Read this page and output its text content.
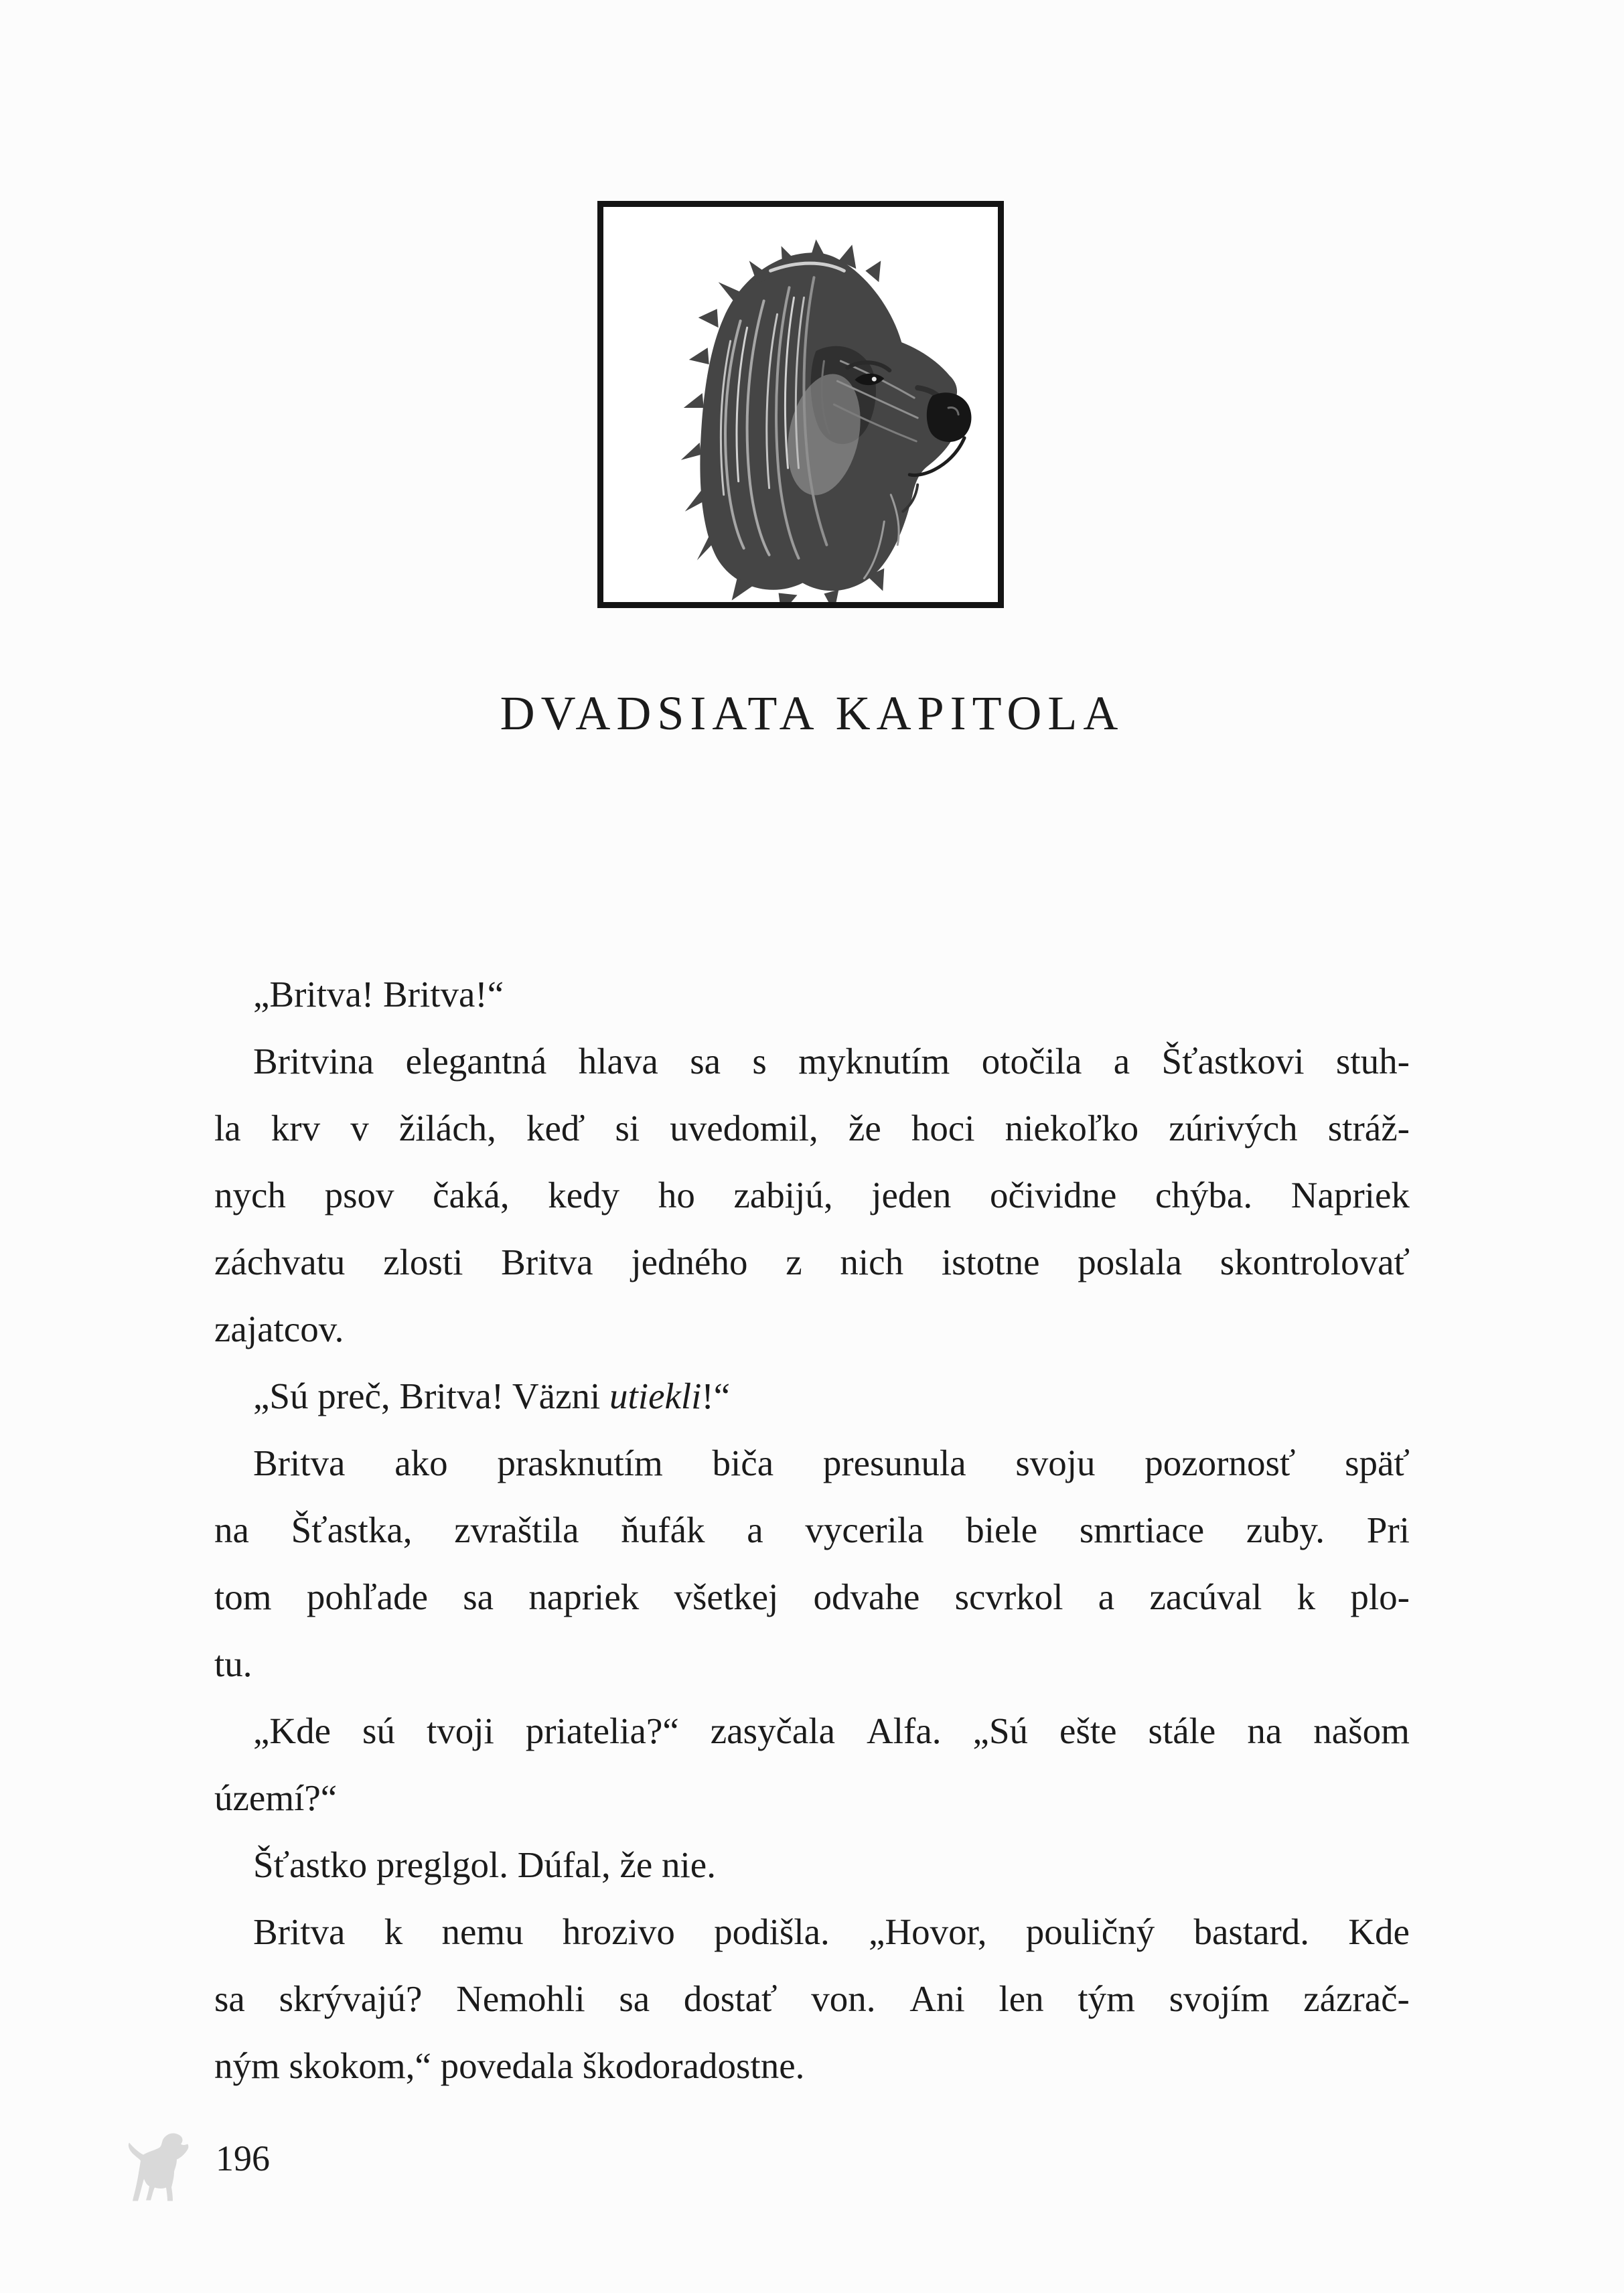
DVADSIATA KAPITOLA
„Britva! Britva!“
Britvina elegantná hlava sa s myknutím otočila a Šťastkovi stuh-
la krv v žilách, keď si uvedomil, že hoci niekoľko zúrivých stráž-
nych psov čaká, kedy ho zabijú, jeden očividne chýba. Napriek
záchvatu zlosti Britva jedného z nich istotne poslala skontrolovať
zajatcov.
„Sú preč, Britva! Väzni utiekli!“
Britva ako prasknutím biča presunula svoju pozornosť späť
na Šťastka, zvraštila ňufák a vycerila biele smrtiace zuby. Pri
tom pohľade sa napriek všetkej odvahe scvrkol a zacúval k plo-
tu.
„Kde sú tvoji priatelia?“ zasyčala Alfa. „Sú ešte stále na našom
území?“
Šťastko preglgol. Dúfal, že nie.
Britva k nemu hrozivo podišla. „Hovor, pouličný bastard. Kde
sa skrývajú? Nemohli sa dostať von. Ani len tým svojím zázrač-
ným skokom,“ povedala škodoradostne.
196
